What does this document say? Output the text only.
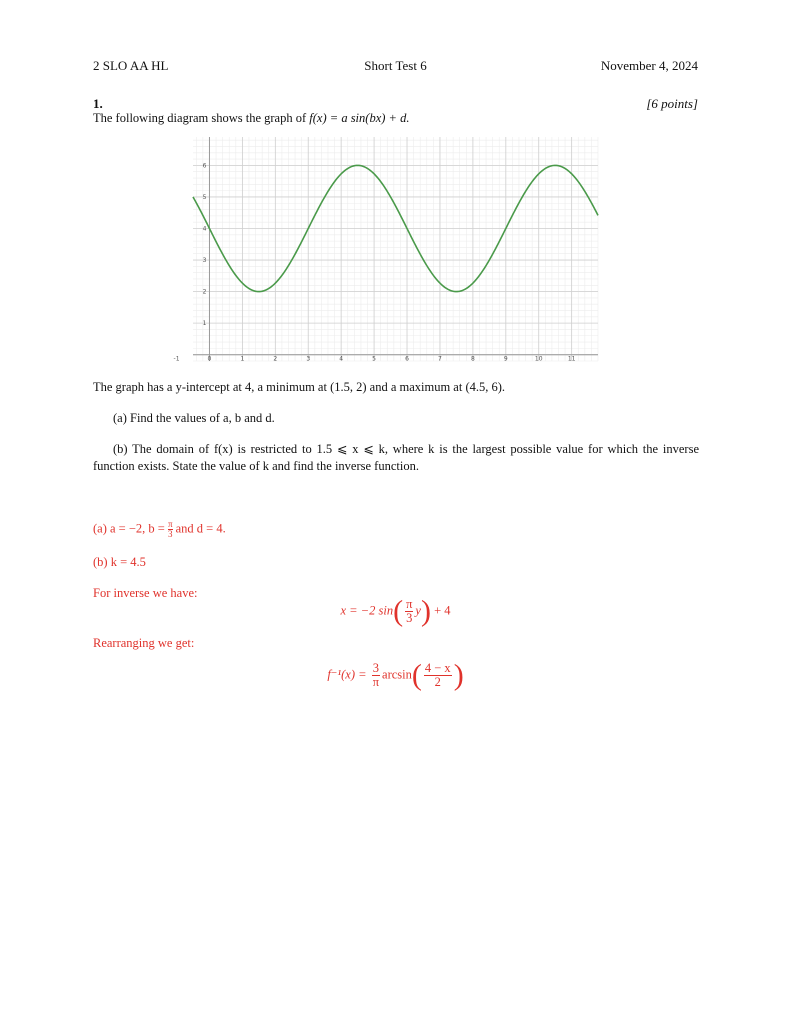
2 SLO AA HL	Short Test 6	November 4, 2024
1.	[6 points]
The following diagram shows the graph of f(x) = a sin(bx) + d.
-1	0	1	2	3	4	5	6	7	8	9	10	11
1
2
3
4
5
6
The graph has a y-intercept at 4, a minimum at (1.5, 2) and a maximum at (4.5, 6).
(a) Find the values of a, b and d.
(b) The domain of f(x) is restricted to 1.5 ⩽ x ⩽ k, where k is the largest possible value for which the inverse function exists. State the value of k and find the inverse function.
(a) a = −2, $b = \frac{\pi}{3}$ and d = 4.
(b) k = 4.5
For inverse we have:
x = −2 $\sin( \frac{\pi}{3} y) + 4$
Rearranging we get:
$f^{-1}(x) = \frac{3}{\pi} \arcsin( \frac{4 - x}{2}$ )
